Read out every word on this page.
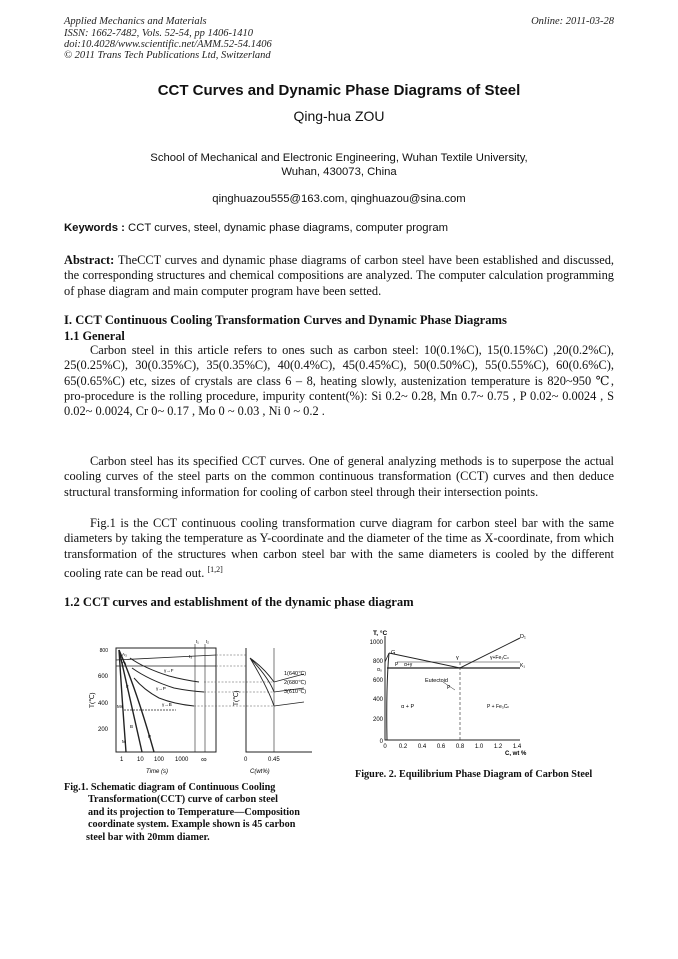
Applied Mechanics and Materials	Online: 2011-03-28
ISSN: 1662-7482, Vols. 52-54, pp 1406-1410
doi:10.4028/www.scientific.net/AMM.52-54.1406
© 2011 Trans Tech Publications Ltd, Switzerland
CCT Curves and Dynamic Phase Diagrams of Steel
Qing-hua ZOU
School of Mechanical and Electronic Engineering, Wuhan Textile University,
Wuhan, 430073, China
qinghuazou555@163.com, qinghuazou@sina.com
Keywords : CCT curves, steel, dynamic phase diagrams, computer program
Abstract: TheCCT curves and dynamic phase diagrams of carbon steel have been established and discussed, the corresponding structures and chemical compositions are analyzed. The computer calculation programming of phase diagram and main computer program have been setted.
I. CCT Continuous Cooling Transformation Curves and Dynamic Phase Diagrams
1.1 General
Carbon steel in this article refers to ones such as carbon steel: 10(0.1%C), 15(0.15%C) ,20(0.2%C), 25(0.25%C), 30(0.35%C), 35(0.35%C), 40(0.4%C), 45(0.45%C), 50(0.50%C), 55(0.55%C), 60(0.6%C), 65(0.65%C) etc, sizes of crystals are class 6 – 8, heating slowly, austenization temperature is 820~950 ℃, pro-procedure is the rolling procedure, impurity content(%): Si 0.2~ 0.28, Mn 0.7~ 0.75 , P 0.02~ 0.0024 , S 0.02~ 0.0024, Cr 0~ 0.17 , Mo 0 ~ 0.03 , Ni 0 ~ 0.2 .
Carbon steel has its specified CCT curves. One of general analyzing methods is to superpose the actual cooling curves of the steel parts on the common continuous transformation (CCT) curves and then deduce structural transforming information for cooling of carbon steel through their intersection points.
Fig.1 is the CCT continuous cooling transformation curve diagram for carbon steel bar with the same diameters by taking the temperature as Y-coordinate and the diameter of the time as X-coordinate, from which transformation of the structures when carbon steel bar with the same diameters is cooled by the different cooling rate can be read out. [1,2]
1.2 CCT curves and establishment of the dynamic phase diagram
800
600
400
200
T(℃)
1 10 100 1000 ∞
Time (s)
t₁ t₂
t₃
A₃
A₁
γ→F
γ→P
γ→B
Ms
B
M
P
F
T(℃)
1(640℃)
2(680℃)
3(610℃)
0	0.45
C(wt%)
Fig.1. Schematic diagram of Continuous Cooling
Transformation(CCT) curve of carbon steel
and its projection to Temperature—Composition
coordinate system. Example shown is 45 carbon
steel bar with 20mm diamer.
T, °C
1000
800
600
400
200
0
0 0.2 0.4 0.6 0.8 1.0 1.2 1.4
C, wt %
G
D₁
γ	γ+Fe₃Cₗₗ
P α+γ	K₁
α₀
Eutectoid
P
α + P	P + Fe₃Cₗₗ
Figure. 2. Equilibrium Phase Diagram of Carbon Steel
